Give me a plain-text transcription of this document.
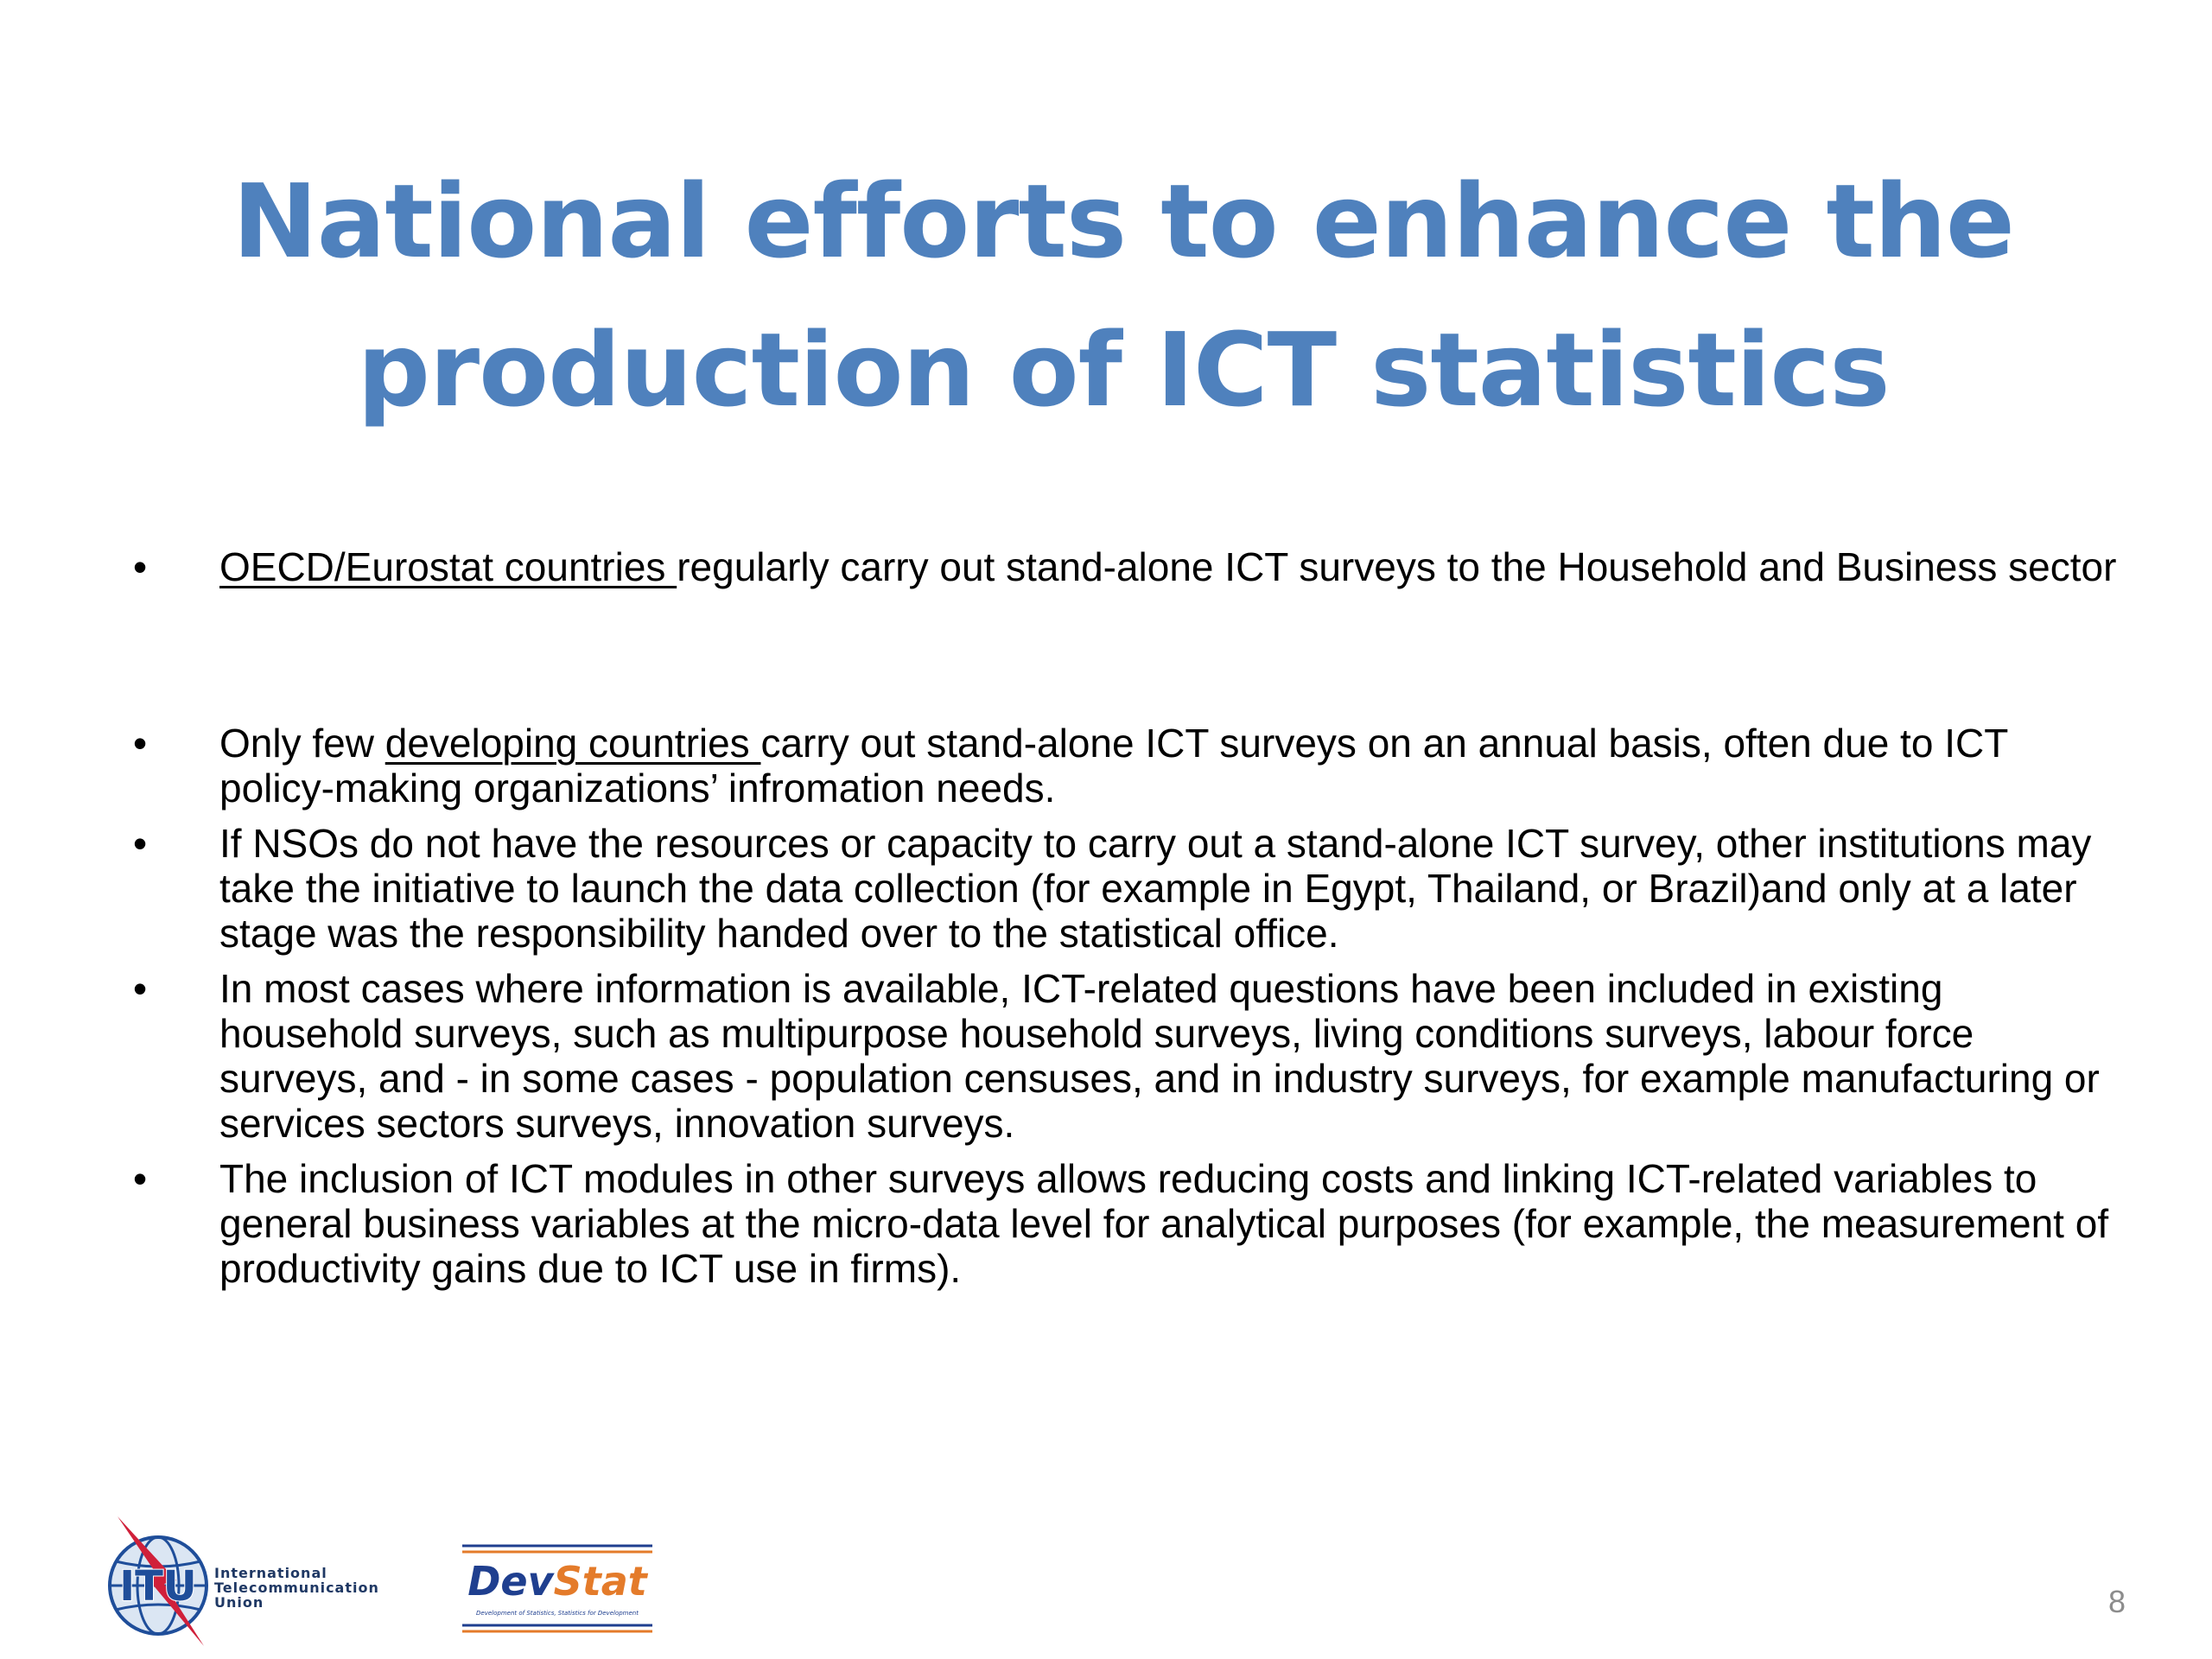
National efforts to enhance the
production of ICT statistics
• OECD/Eurostat countries regularly carry out stand-alone ICT surveys to the Household and Business sector
• Only few developing countries carry out stand-alone ICT surveys on an annual basis, often due to ICT policy-making organizations’ infromation needs.
• If NSOs do not have the resources or capacity to carry out a stand-alone ICT survey, other institutions may take the initiative to launch the data collection (for example in Egypt, Thailand, or Brazil)and only at a later stage was the responsibility handed over to the statistical office.
• In most cases where information is available, ICT-related questions have been included in existing household surveys, such as multipurpose household surveys, living conditions surveys, labour force surveys, and - in some cases - population censuses, and in industry surveys, for example manufacturing or services sectors surveys, innovation surveys.
• The inclusion of ICT modules in other surveys allows reducing costs and linking ICT-related variables to general business variables at the micro-data level for analytical purposes (for example, the measurement of productivity gains due to ICT use in firms).
ITU International
Telecommunication
Union	DevStat
Development of Statistics, Statistics for Development	8
